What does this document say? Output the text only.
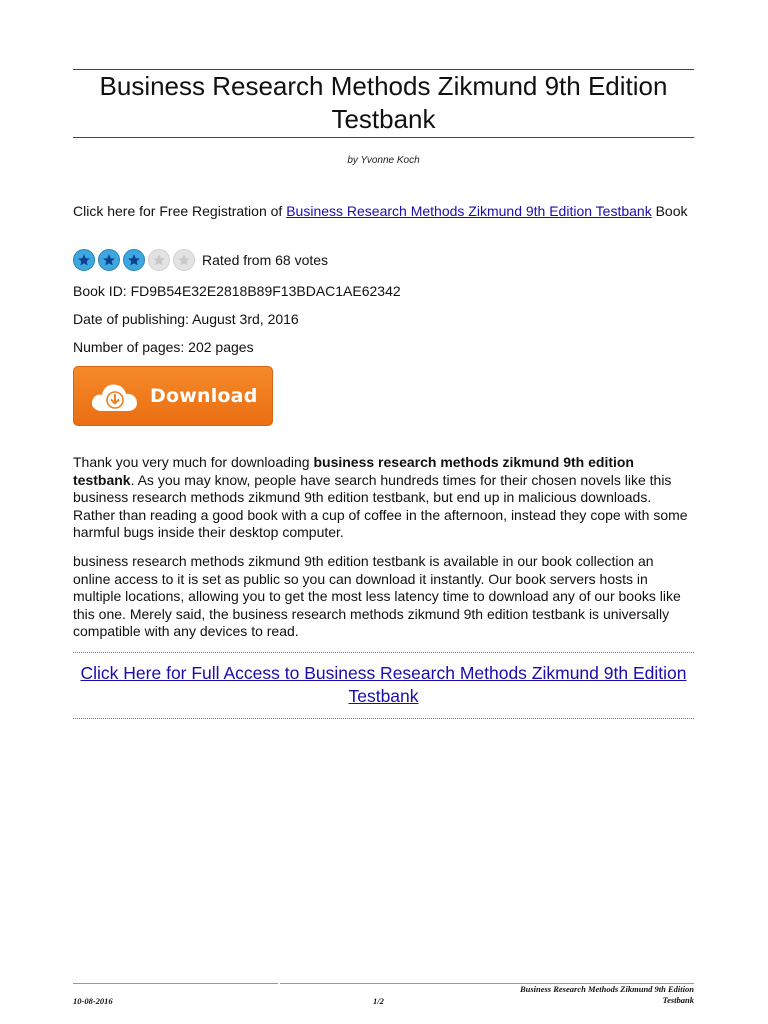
Business Research Methods Zikmund 9th Edition Testbank
by Yvonne Koch
Click here for Free Registration of Business Research Methods Zikmund 9th Edition Testbank Book
Rated from 68 votes
Book ID: FD9B54E32E2818B89F13BDAC1AE62342
Date of publishing: August 3rd, 2016
Number of pages: 202 pages
Download

Thank you very much for downloading business research methods zikmund 9th edition testbank. As you may know, people have search hundreds times for their chosen novels like this business research methods zikmund 9th edition testbank, but end up in malicious downloads. Rather than reading a good book with a cup of coffee in the afternoon, instead they cope with some harmful bugs inside their desktop computer.

business research methods zikmund 9th edition testbank is available in our book collection an online access to it is set as public so you can download it instantly. Our book servers hosts in multiple locations, allowing you to get the most less latency time to download any of our books like this one. Merely said, the business research methods zikmund 9th edition testbank is universally compatible with any devices to read.

Click Here for Full Access to Business Research Methods Zikmund 9th Edition Testbank
10-08-2016	1/2
Business Research Methods Zikmund 9th Edition Testbank
